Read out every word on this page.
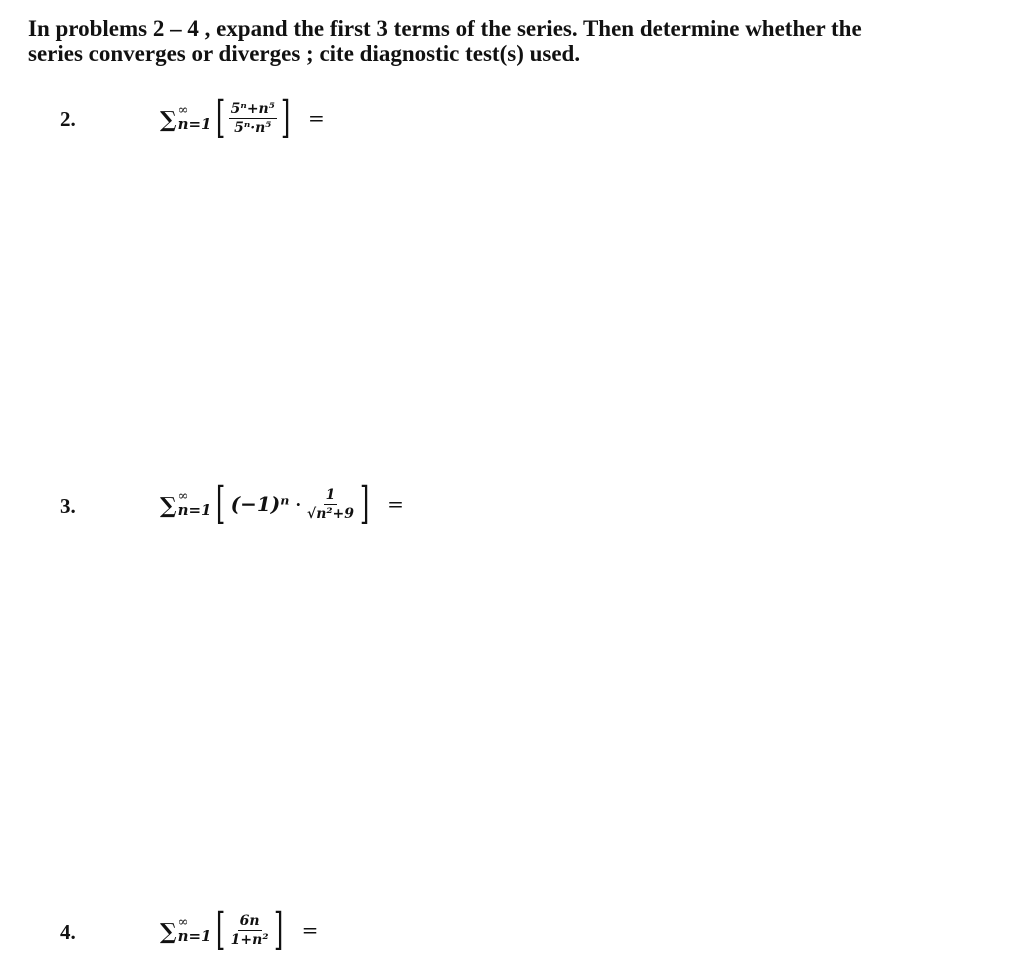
In problems 2 – 4 , expand the first 3 terms of the series. Then determine whether the
series converges or diverges ; cite diagnostic test(s) used.
2.	∑ ∞
n=1 [ $\frac{\text{5ⁿ+n⁵}}{\text{5ⁿ·n⁵}}$ ] =
3.	∑ ∞
n=1 [ $(-1)^n \cdot \frac{1}{\text{√n²+9}}$ ] =
4.	∑ ∞
n=1 [ $\frac{6n}{\text{1+n²}}$ ] =
